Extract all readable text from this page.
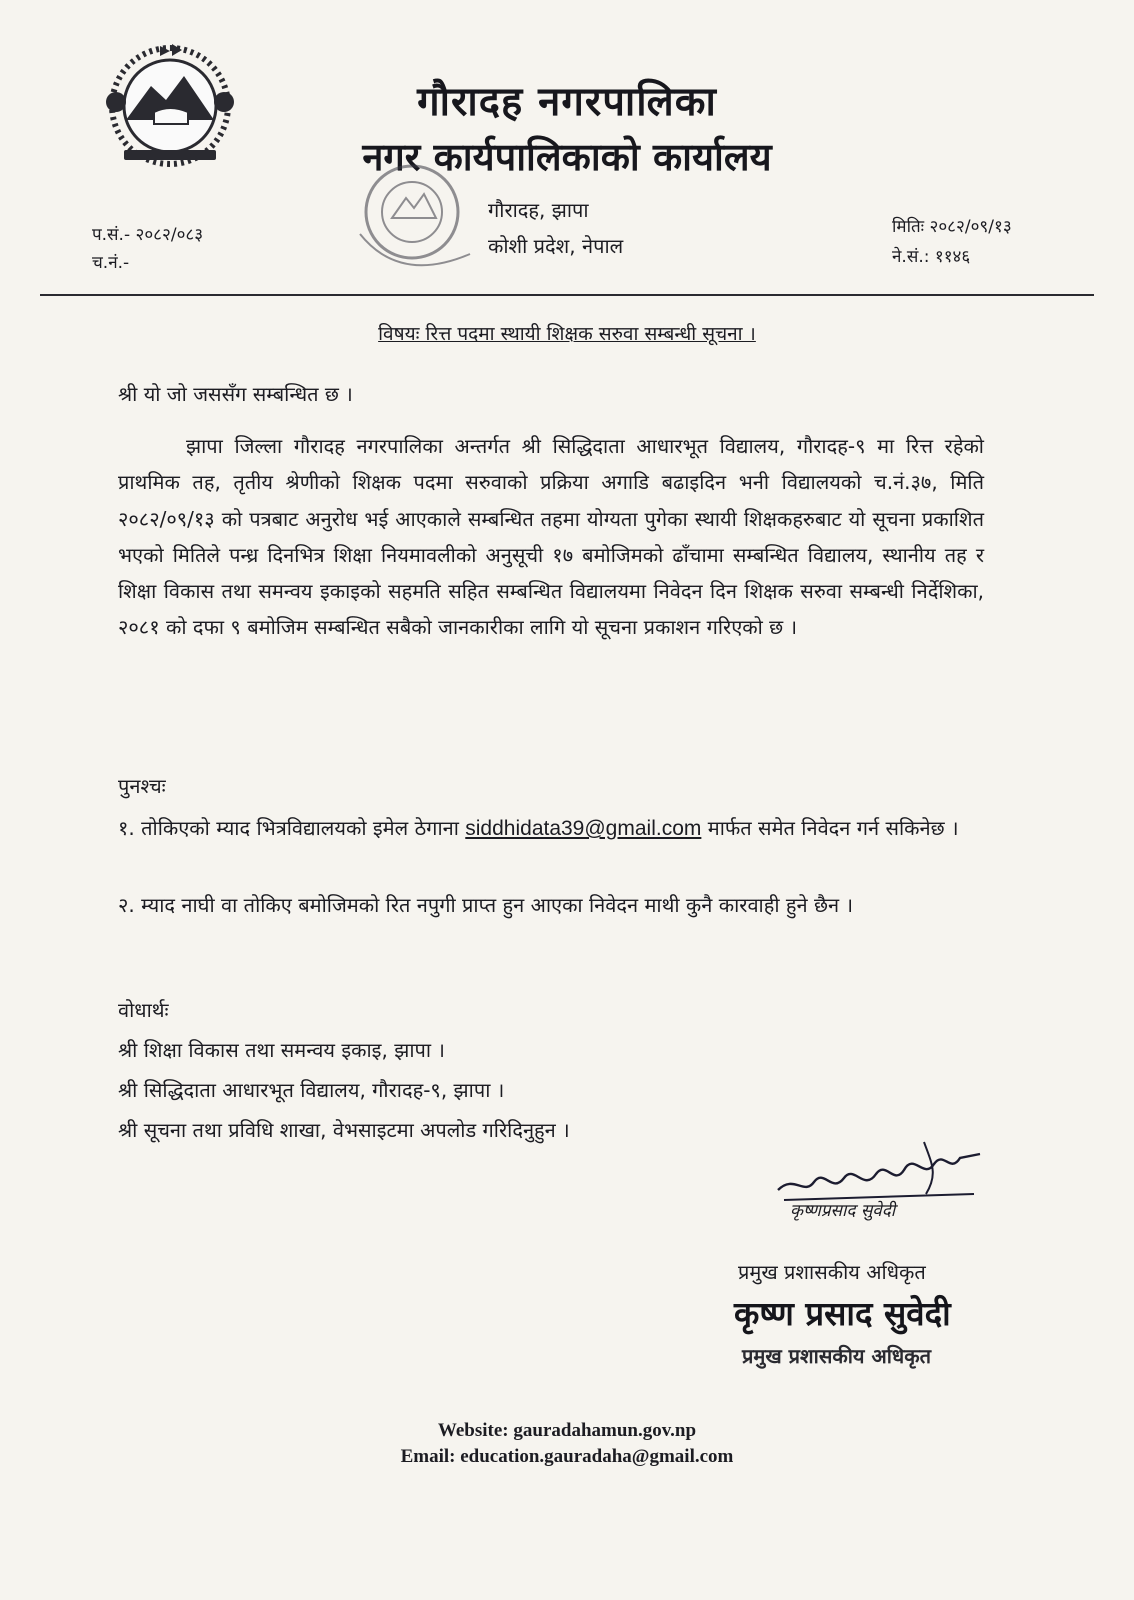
गौरादह नगरपालिका
नगर कार्यपालिकाको कार्यालय
गौरादह, झापा
कोशी प्रदेश, नेपाल
प.सं.- २०८२/०८३
च.नं.-
मितिः २०८२/०९/१३
ने.सं.: ११४६
विषयः रित्त पदमा स्थायी शिक्षक सरुवा सम्बन्धी सूचना ।
श्री यो जो जससँग सम्बन्धित छ ।

झापा जिल्ला गौरादह नगरपालिका अन्तर्गत श्री सिद्धिदाता आधारभूत विद्यालय, गौरादह-९ मा रित्त रहेको प्राथमिक तह, तृतीय श्रेणीको शिक्षक पदमा सरुवाको प्रक्रिया अगाडि बढाइदिन भनी विद्यालयको च.नं.३७, मिति २०८२/०९/१३ को पत्रबाट अनुरोध भई आएकाले सम्बन्धित तहमा योग्यता पुगेका स्थायी शिक्षकहरुबाट यो सूचना प्रकाशित भएको मितिले पन्ध्र दिनभित्र शिक्षा नियमावलीको अनुसूची १७ बमोजिमको ढाँचामा सम्बन्धित विद्यालय, स्थानीय तह र शिक्षा विकास तथा समन्वय इकाइको सहमति सहित सम्बन्धित विद्यालयमा निवेदन दिन शिक्षक सरुवा सम्बन्धी निर्देशिका, २०८१ को दफा ९ बमोजिम सम्बन्धित सबैको जानकारीका लागि यो सूचना प्रकाशन गरिएको छ ।

पुनश्चः

१. तोकिएको म्याद भित्रविद्यालयको इमेल ठेगाना siddhidata39@gmail.com मार्फत समेत निवेदन गर्न सकिनेछ ।

२. म्याद नाघी वा तोकिए बमोजिमको रित नपुगी प्राप्त हुन आएका निवेदन माथी कुनै कारवाही हुने छैन ।

वोधार्थः
श्री शिक्षा विकास तथा समन्वय इकाइ, झापा ।
श्री सिद्धिदाता आधारभूत विद्यालय, गौरादह-९, झापा ।
श्री सूचना तथा प्रविधि शाखा, वेभसाइटमा अपलोड गरिदिनुहुन ।
कृष्णप्रसाद सुवेदी
प्रमुख प्रशासकीय अधिकृत
कृष्ण प्रसाद सुवेदी
प्रमुख प्रशासकीय अधिकृत
Website: gauradahamun.gov.np
Email: education.gauradaha@gmail.com
